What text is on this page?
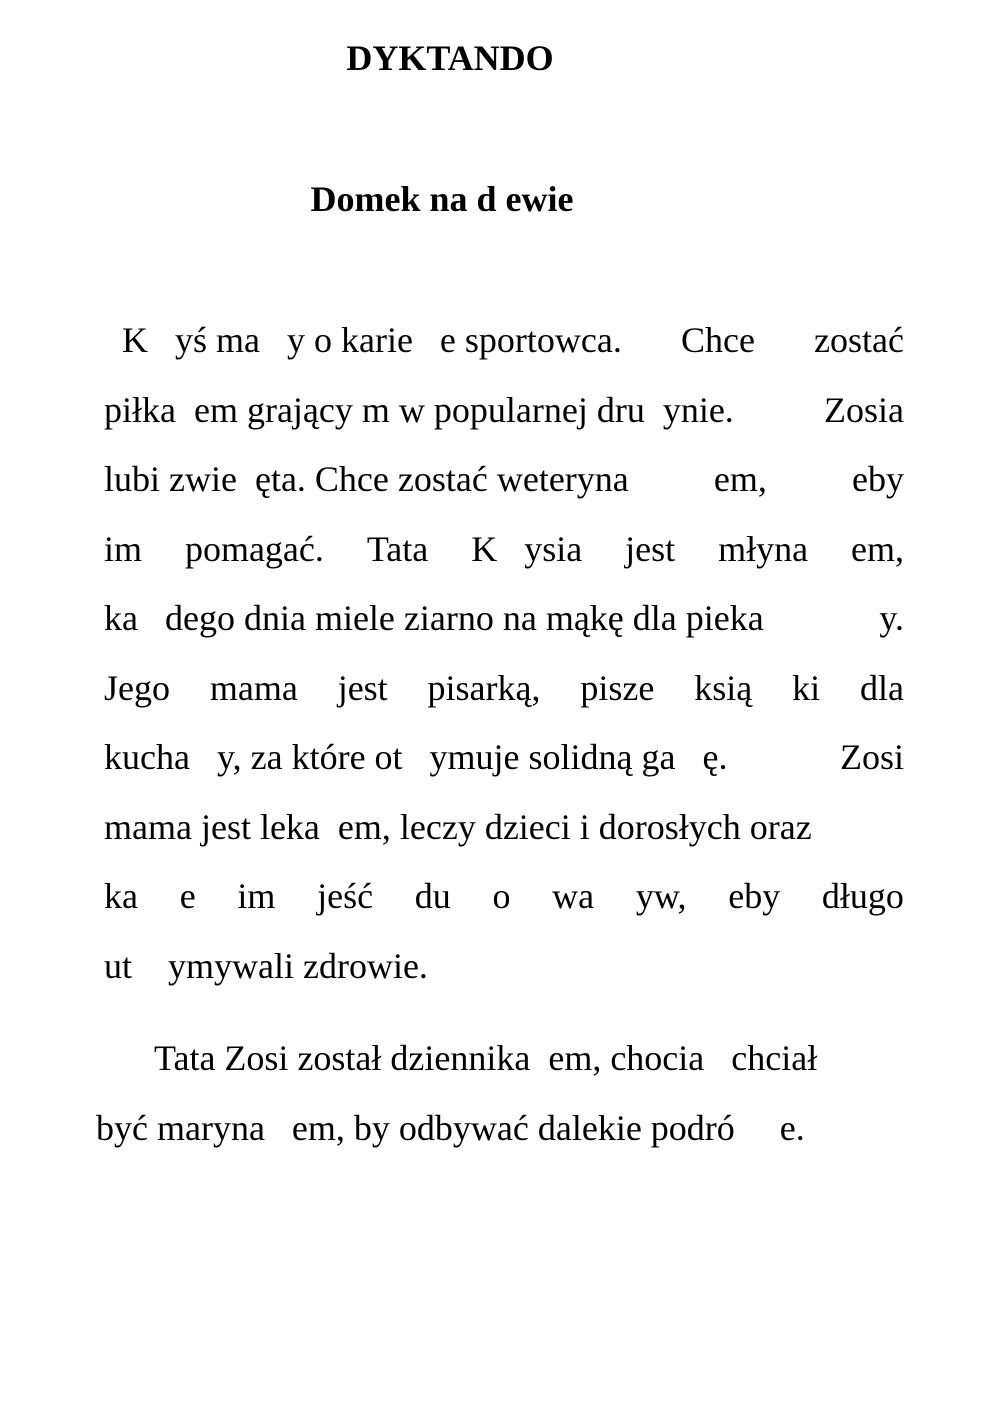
DYKTANDO
Domek na d ewie

K   yś ma   y o karie   e sportowca. Chce zostać

piłka  em grający m w popularnej dru  ynie.	Zosia

lubi zwie  ęta. Chce zostać weteryna em, eby

im pomagać. Tata K   ysia jest młyna em,

ka   dego dnia miele ziarno na mąkę dla pieka	y.

Jego mama jest pisarką, pisze ksią ki dla

kucha   y, za które ot   ymuje solidną ga   ę.	Zosi

mama jest leka  em, leczy dzieci i dorosłych oraz

ka e im jeść du o wa yw, eby długo

ut    ymywali zdrowie.

Tata Zosi został dziennika  em, chocia   chciał

być maryna   em, by odbywać dalekie podró     e.
